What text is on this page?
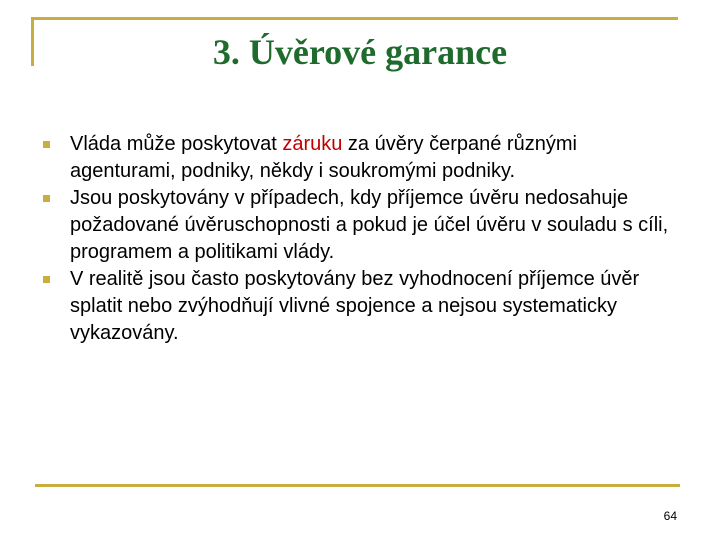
3. Úvěrové garance
Vláda může poskytovat záruku za úvěry čerpané různými agenturami, podniky, někdy i soukromými podniky.
Jsou poskytovány v případech, kdy příjemce úvěru nedosahuje požadované úvěruschopnosti a pokud je účel úvěru v souladu s cíli, programem a politikami vlády.
V realitě jsou často poskytovány bez vyhodnocení příjemce úvěr splatit nebo zvýhodňují vlivné spojence a nejsou systematicky vykazovány.
64
